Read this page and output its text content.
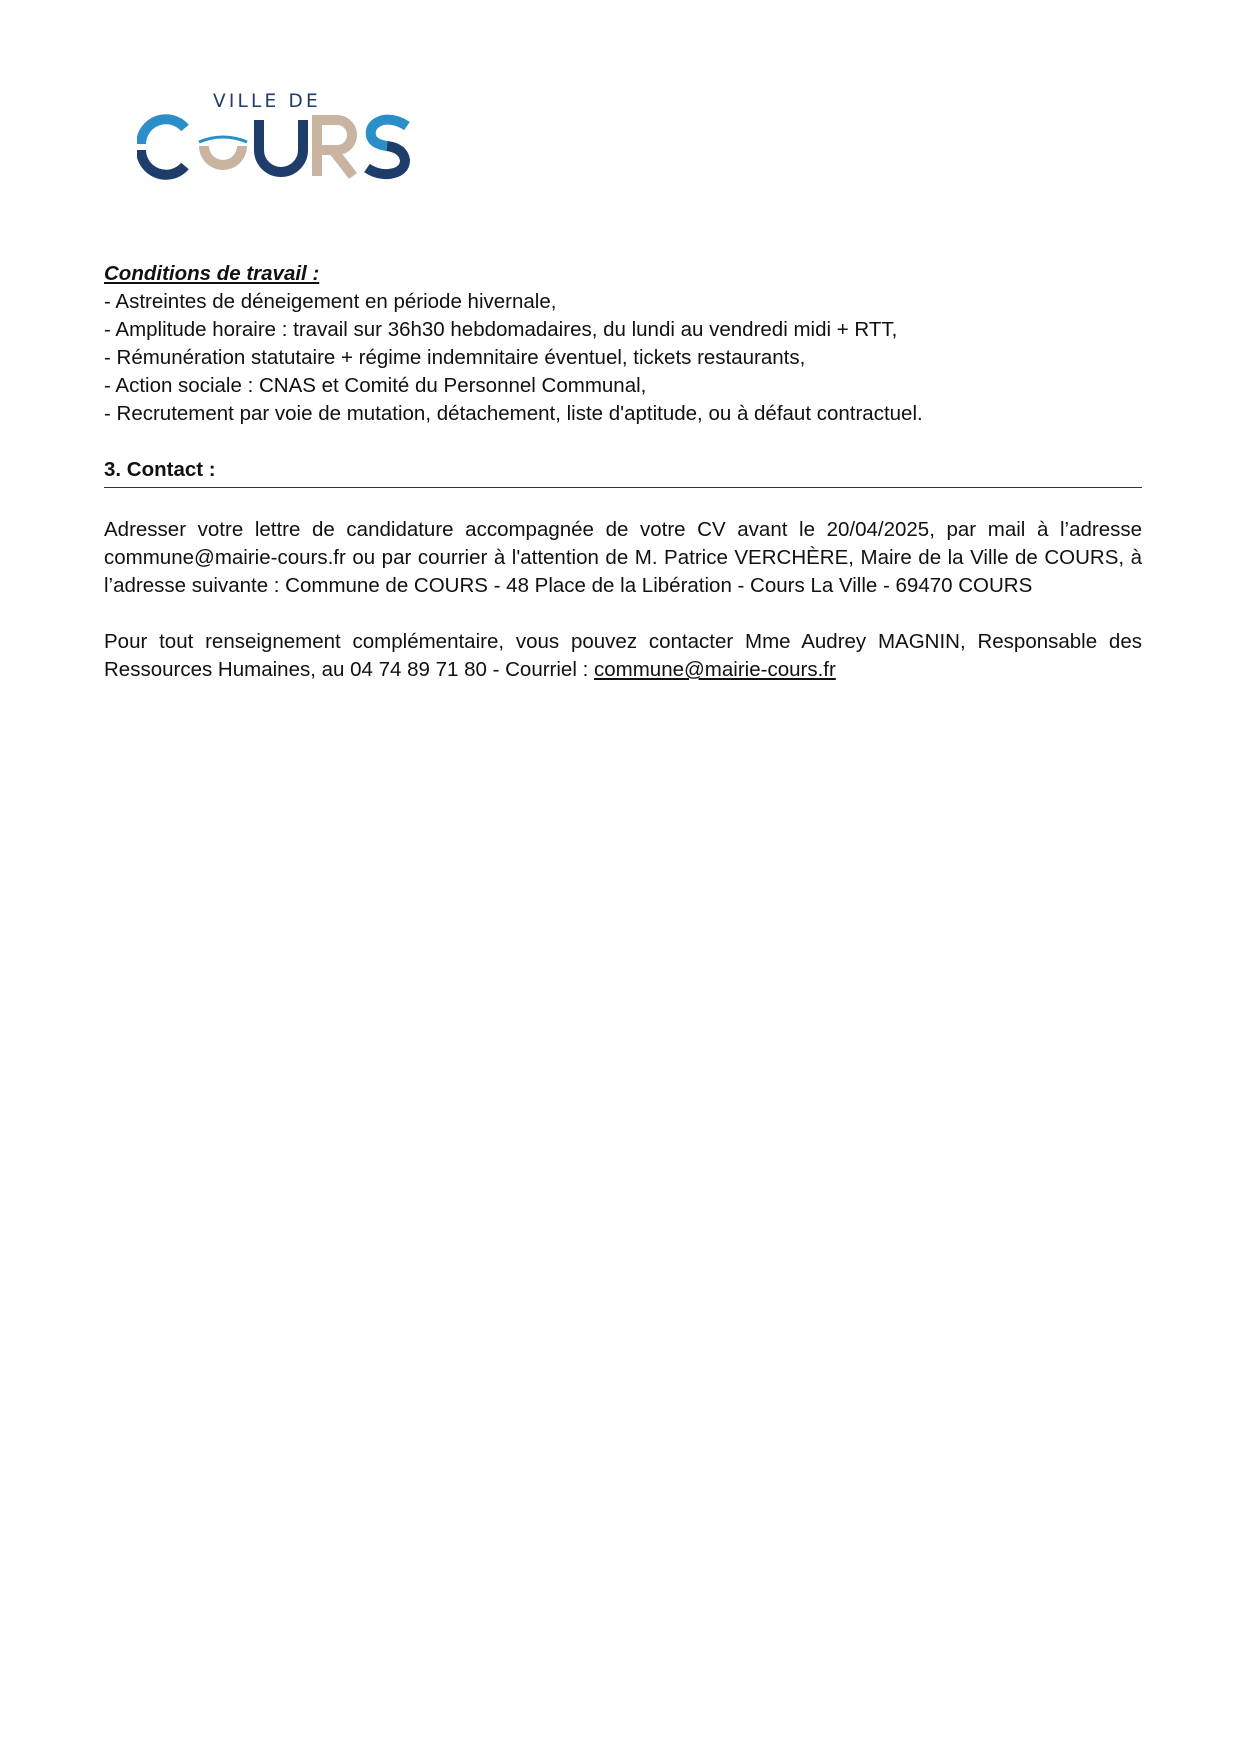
VILLE DE

Conditions de travail :

- Astreintes de déneigement en période hivernale,
- Amplitude horaire : travail sur 36h30 hebdomadaires, du lundi au vendredi midi + RTT,
- Rémunération statutaire + régime indemnitaire éventuel, tickets restaurants,
- Action sociale : CNAS et Comité du Personnel Communal,
- Recrutement par voie de mutation, détachement, liste d'aptitude, ou à défaut contractuel.

3. Contact :

Adresser votre lettre de candidature accompagnée de votre CV avant le 20/04/2025, par mail à l’adresse
commune@mairie-cours.fr ou par courrier à l'attention de M. Patrice VERCHÈRE, Maire de la Ville de COURS, à
l’adresse suivante : Commune de COURS - 48 Place de la Libération - Cours La Ville - 69470 COURS

Pour tout renseignement complémentaire, vous pouvez contacter Mme Audrey MAGNIN, Responsable des
Ressources Humaines, au 04 74 89 71 80 - Courriel : commune@mairie-cours.fr
